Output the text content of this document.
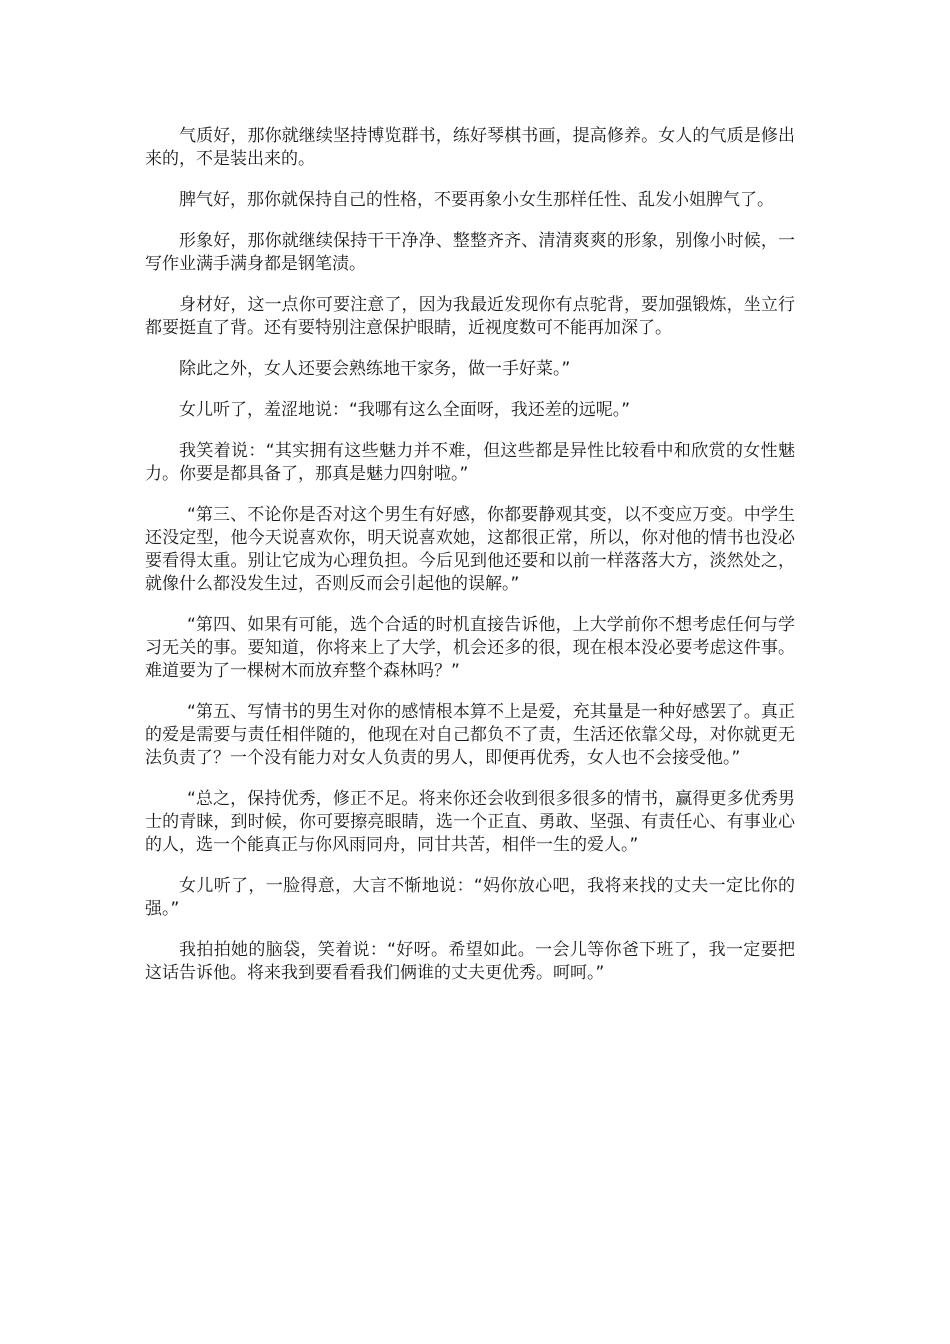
气质好，那你就继续坚持博览群书，练好琴棋书画，提高修养。女人的气质是修出来的，不是装出来的。

脾气好，那你就保持自己的性格，不要再象小女生那样任性、乱发小姐脾气了。

形象好，那你就继续保持干干净净、整整齐齐、清清爽爽的形象，别像小时候，一写作业满手满身都是钢笔渍。

身材好，这一点你可要注意了，因为我最近发现你有点驼背，要加强锻炼，坐立行都要挺直了背。还有要特别注意保护眼睛，近视度数可不能再加深了。

除此之外，女人还要会熟练地干家务，做一手好菜。”

女儿听了，羞涩地说：“我哪有这么全面呀，我还差的远呢。”

我笑着说：“其实拥有这些魅力并不难，但这些都是异性比较看中和欣赏的女性魅力。你要是都具备了，那真是魅力四射啦。”

“第三、不论你是否对这个男生有好感，你都要静观其变，以不变应万变。中学生还没定型，他今天说喜欢你，明天说喜欢她，这都很正常，所以，你对他的情书也没必要看得太重。别让它成为心理负担。今后见到他还要和以前一样落落大方，淡然处之，就像什么都没发生过，否则反而会引起他的误解。”

“第四、如果有可能，选个合适的时机直接告诉他，上大学前你不想考虑任何与学习无关的事。要知道，你将来上了大学，机会还多的很，现在根本没必要考虑这件事。难道要为了一棵树木而放弃整个森林吗？”

“第五、写情书的男生对你的感情根本算不上是爱，充其量是一种好感罢了。真正的爱是需要与责任相伴随的，他现在对自己都负不了责，生活还依靠父母，对你就更无法负责了？一个没有能力对女人负责的男人，即便再优秀，女人也不会接受他。”

“总之，保持优秀，修正不足。将来你还会收到很多很多的情书，赢得更多优秀男士的青睐，到时候，你可要擦亮眼睛，选一个正直、勇敢、坚强、有责任心、有事业心的人，选一个能真正与你风雨同舟，同甘共苦，相伴一生的爱人。”

女儿听了，一脸得意，大言不惭地说：“妈你放心吧，我将来找的丈夫一定比你的强。”

我拍拍她的脑袋，笑着说：“好呀。希望如此。一会儿等你爸下班了，我一定要把这话告诉他。将来我到要看看我们俩谁的丈夫更优秀。呵呵。”
